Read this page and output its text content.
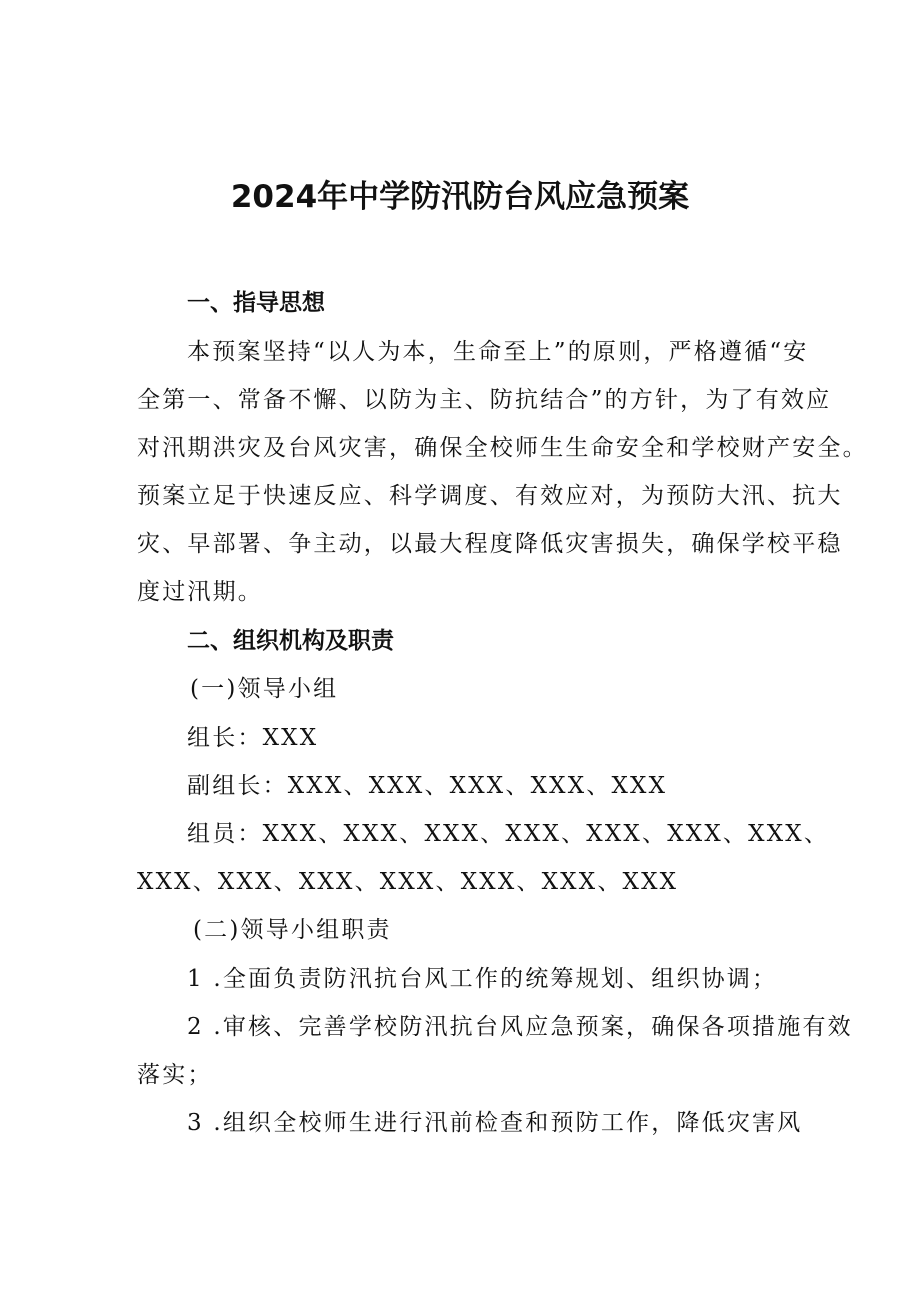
2024年中学防汛防台风应急预案
一、指导思想
本预案坚持“以人为本，生命至上”的原则，严格遵循“安
全第一、常备不懈、以防为主、防抗结合”的方针，为了有效应
对汛期洪灾及台风灾害，确保全校师生生命安全和学校财产安全。
预案立足于快速反应、科学调度、有效应对，为预防大汛、抗大
灾、早部署、争主动，以最大程度降低灾害损失，确保学校平稳
度过汛期。
二、组织机构及职责
(一)领导小组
组长：XXX
副组长：XXX、XXX、XXX、XXX、XXX
组员：XXX、XXX、XXX、XXX、XXX、XXX、XXX、
XXX、XXX、XXX、XXX、XXX、XXX、XXX
(二)领导小组职责
1 .全面负责防汛抗台风工作的统筹规划、组织协调；
2 .审核、完善学校防汛抗台风应急预案，确保各项措施有效
落实；
3 .组织全校师生进行汛前检查和预防工作，降低灾害风
